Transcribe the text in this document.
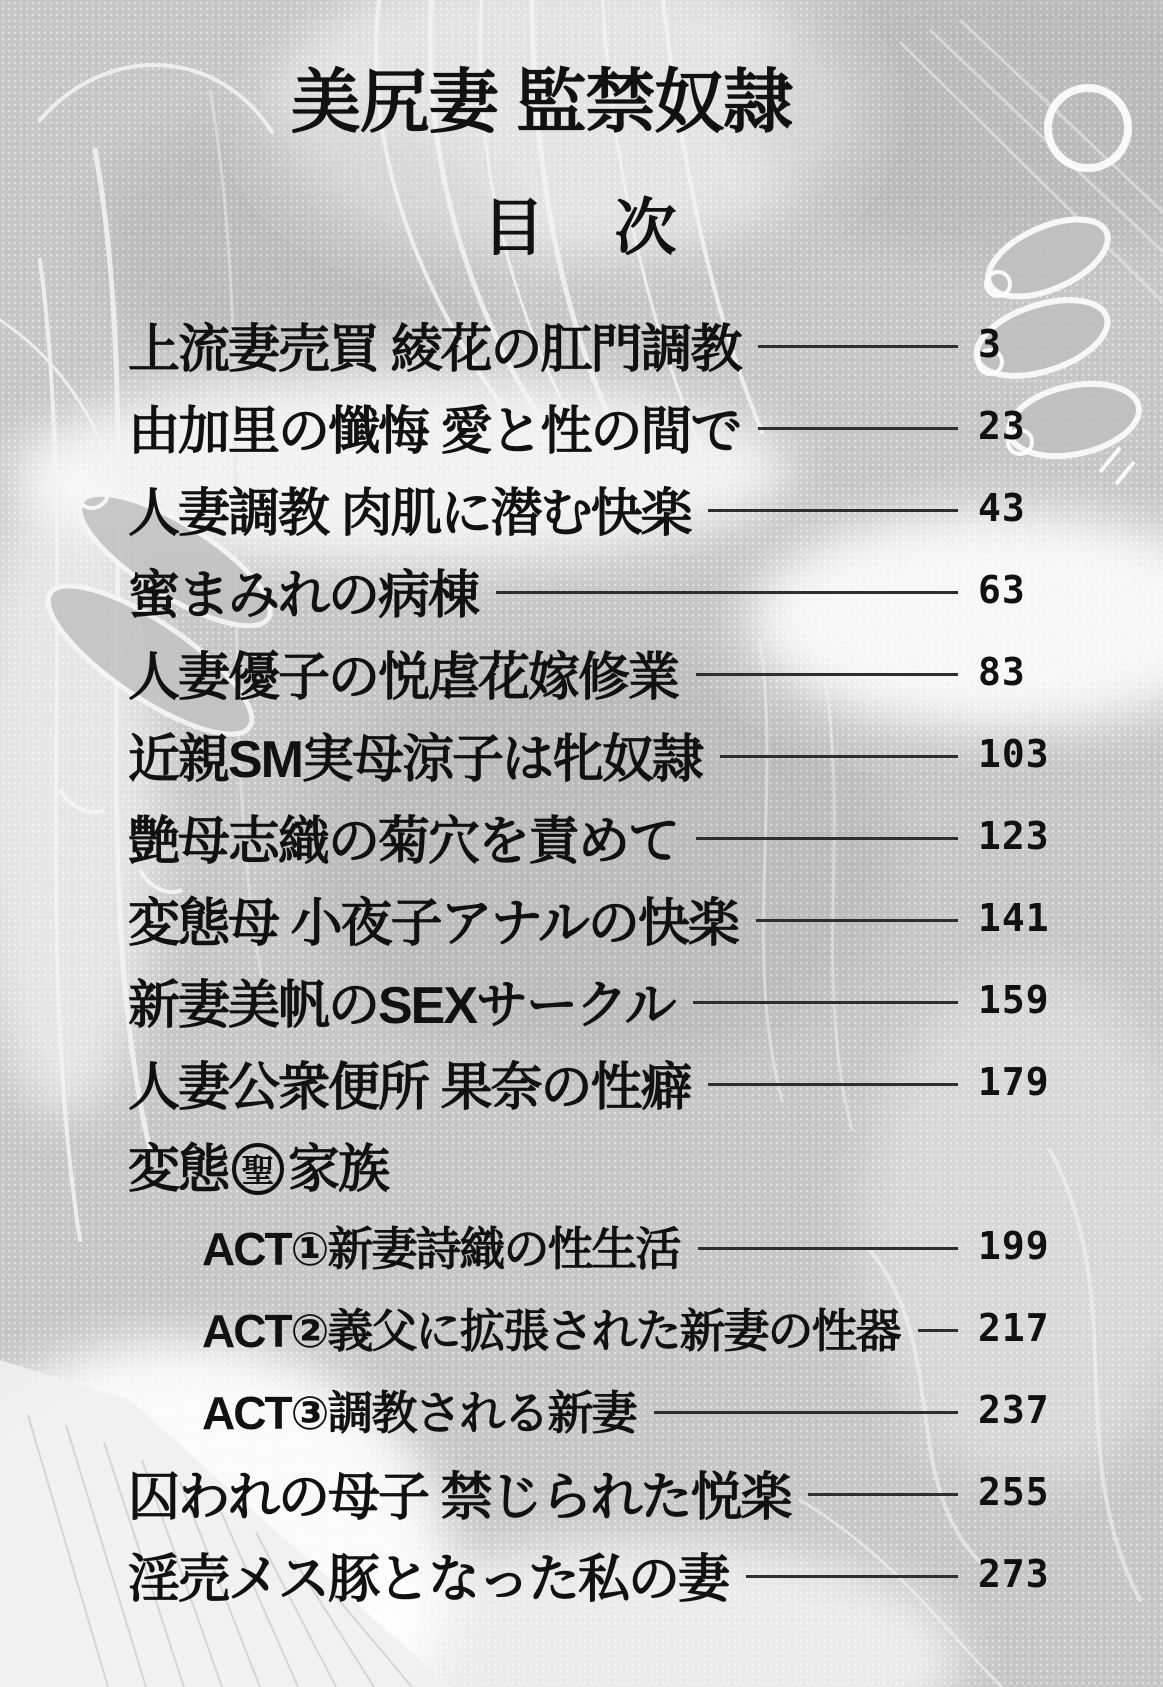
美尻妻 監禁奴隷
目　次
上流妻売買 綾花の肛門調教	3
由加里の懺悔 愛と性の間で	23
人妻調教 肉肌に潜む快楽	43
蜜まみれの病棟	63
人妻優子の悦虐花嫁修業	83
近親SM実母涼子は牝奴隷	103
艶母志織の菊穴を責めて	123
変態母 小夜子アナルの快楽	141
新妻美帆のSEXサークル	159
人妻公衆便所 果奈の性癖	179
変態 聖 家族
ACT①新妻詩織の性生活	199
ACT②義父に拡張された新妻の性器 217
ACT③調教される新妻	237
囚われの母子 禁じられた悦楽	255
淫売メス豚となった私の妻	273
